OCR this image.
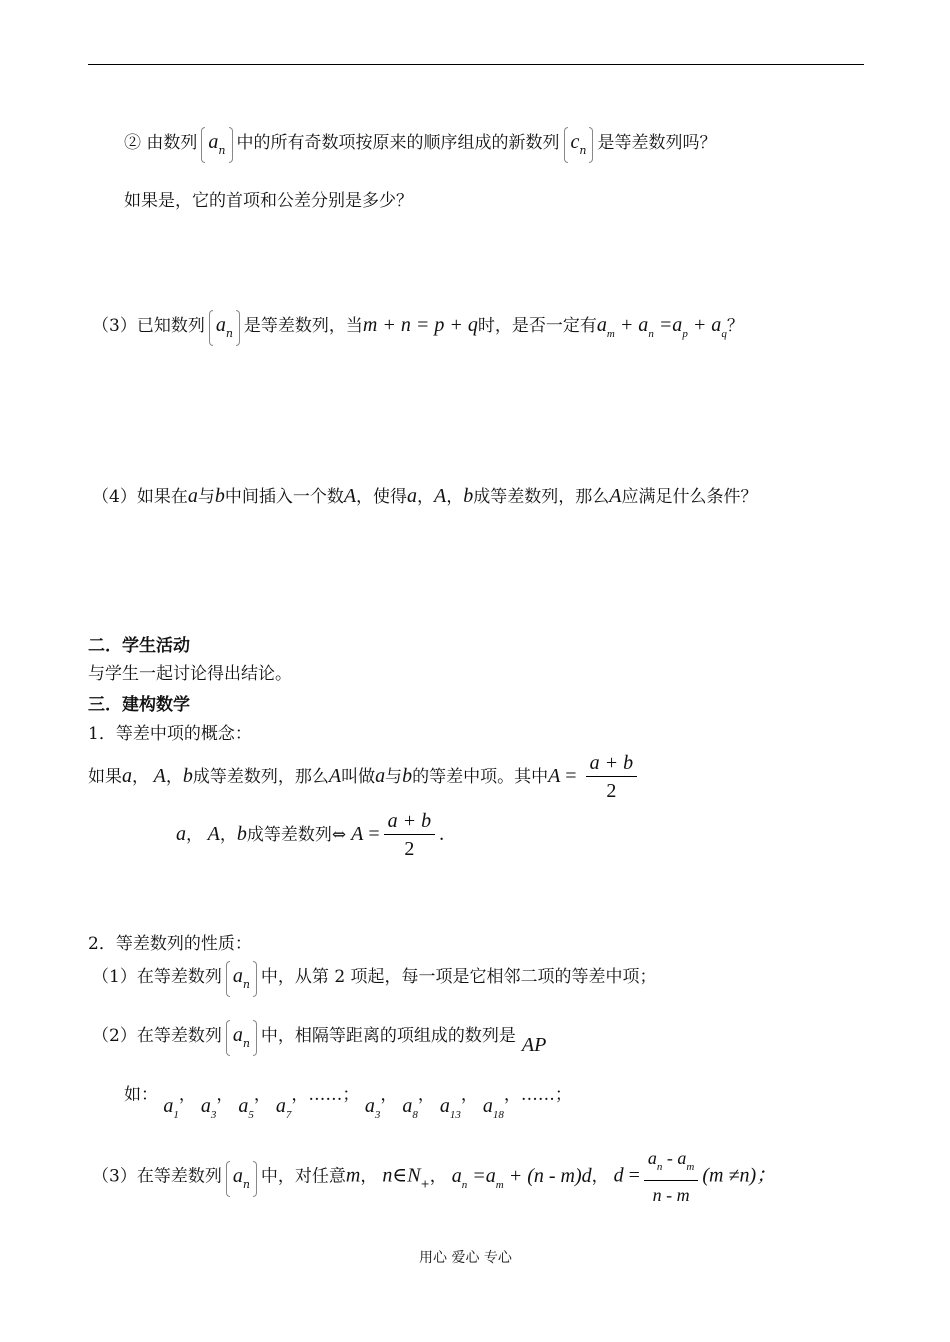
② 由数列 $a_n$ 中的所有奇数项按原来的顺序组成的新数列 $c_n$ 是等差数列吗？
如果是，它的首项和公差分别是多少？
（3）已知数列 $a_n$ 是等差数列，当m + n = p + q时，是否一定有$a_m + a_n =a_p + a_q$？
（4）如果在a与b中间插入一个数A，使得a，A，b成等差数列，那么A应满足什么条件？
二．学生活动
与学生一起讨论得出结论。
三．建构数学
1．等差中项的概念：
如果a， A，b成等差数列，那么A叫做a与b的等差中项。其中$A = \frac{a + b}{2}$
a， A，b成等差数列⇔ $A = \frac{a + b}{2}$ .
2．等差数列的性质：
（1）在等差数列 $a_n$ 中，从第 2 项起，每一项是它相邻二项的等差中项；
（2）在等差数列 $a_n$ 中，相隔等距离的项组成的数列是 AP
如： $a_1$， $a_3$， $a_5$， $a_7$，……； $a_3$， $a_8$， $a_{13}$， $a_{18}$，……；
（3）在等差数列 $a_n$ 中，对任意m， $n\in N_+$， $a_n =a_m + (n - m)d$， $d = \frac{a_n - a_m}{n - m} (m \ne n)$；
用心 爱心 专心
